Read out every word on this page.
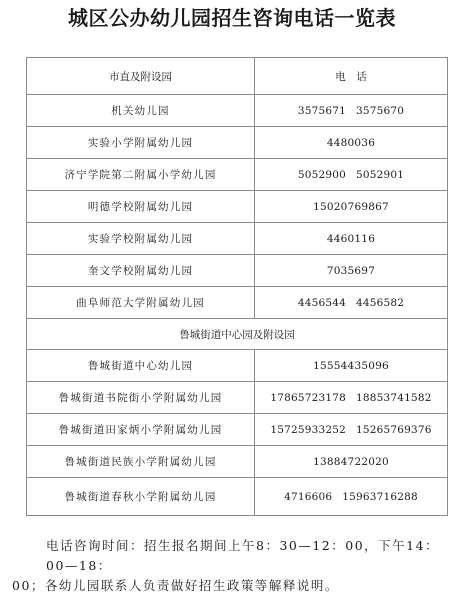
城区公办幼儿园招生咨询电话一览表
市直及附设园	电　话
机关幼儿园	3575671 3575670
实验小学附属幼儿园	4480036
济宁学院第二附属小学幼儿园	5052900 5052901
明德学校附属幼儿园	15020769867
实验学校附属幼儿园	4460116
奎文学校附属幼儿园	7035697
曲阜师范大学附属幼儿园	4456544 4456582
鲁城街道中心园及附设园	
鲁城街道中心幼儿园	15554435096
鲁城街道书院街小学附属幼儿园	17865723178 18853741582
鲁城街道田家炳小学附属幼儿园	15725933252 15265769376
鲁城街道民族小学附属幼儿园	13884722020
鲁城街道春秋小学附属幼儿园	4716606 15963716288
电话咨询时间：招生报名期间上午8：30—12：00，下午14：00—18：
00；各幼儿园联系人负责做好招生政策等解释说明。
